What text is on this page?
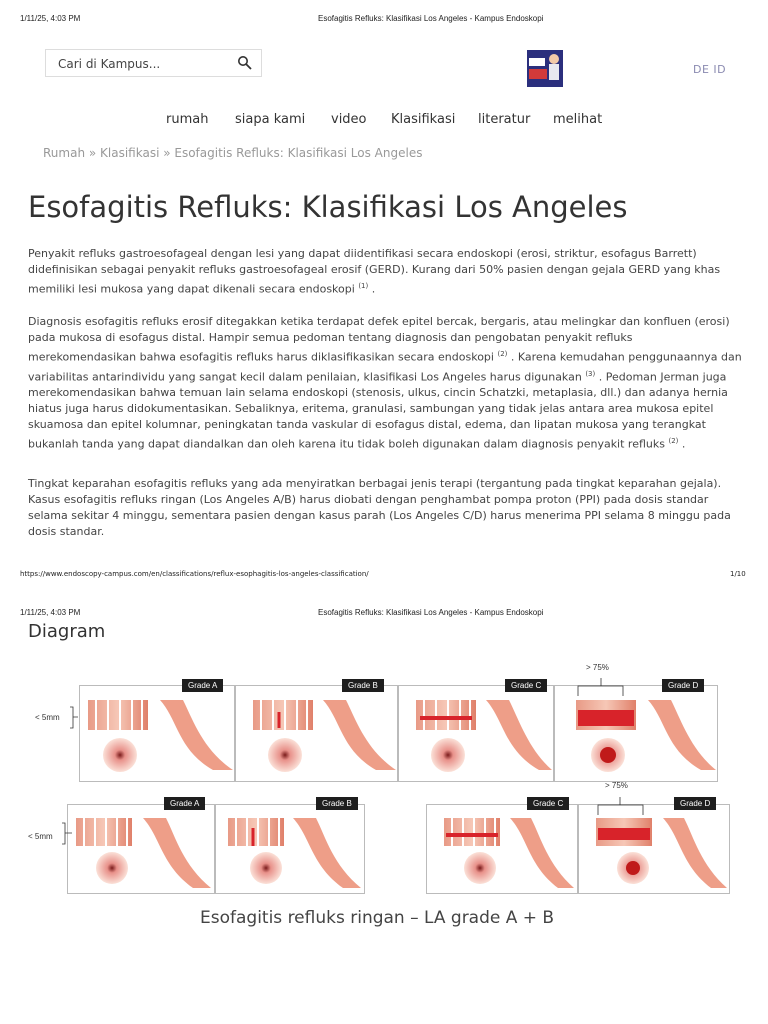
1/11/25, 4:03 PM	Esofagitis Refluks: Klasifikasi Los Angeles - Kampus Endoskopi
Cari di Kampus...	DE ID
rumah siapa kami video Klasifikasi literatur melihat
Rumah » Klasifikasi » Esofagitis Refluks: Klasifikasi Los Angeles
Esofagitis Refluks: Klasifikasi Los Angeles
Penyakit refluks gastroesofageal dengan lesi yang dapat diidentifikasi secara endoskopi (erosi, striktur, esofagus Barrett) didefinisikan sebagai penyakit refluks gastroesofageal erosif (GERD). Kurang dari 50% pasien dengan gejala GERD yang khas memiliki lesi mukosa yang dapat dikenali secara endoskopi $^{(1)}$ .
Diagnosis esofagitis refluks erosif ditegakkan ketika terdapat defek epitel bercak, bergaris, atau melingkar dan konfluen (erosi) pada mukosa di esofagus distal. Hampir semua pedoman tentang diagnosis dan pengobatan penyakit refluks merekomendasikan bahwa esofagitis refluks harus diklasifikasikan secara endoskopi $^{(2)}$ . Karena kemudahan penggunaannya dan variabilitas antarindividu yang sangat kecil dalam penilaian, klasifikasi Los Angeles harus digunakan $^{(3)}$ . Pedoman Jerman juga merekomendasikan bahwa temuan lain selama endoskopi (stenosis, ulkus, cincin Schatzki, metaplasia, dll.) dan adanya hernia hiatus juga harus didokumentasikan. Sebaliknya, eritema, granulasi, sambungan yang tidak jelas antara area mukosa epitel skuamosa dan epitel kolumnar, peningkatan tanda vaskular di esofagus distal, edema, dan lipatan mukosa yang terangkat bukanlah tanda yang dapat diandalkan dan oleh karena itu tidak boleh digunakan dalam diagnosis penyakit refluks $^{(2)}$ .
Tingkat keparahan esofagitis refluks yang ada menyiratkan berbagai jenis terapi (tergantung pada tingkat keparahan gejala). Kasus esofagitis refluks ringan (Los Angeles A/B) harus diobati dengan penghambat pompa proton (PPI) pada dosis standar selama sekitar 4 minggu, sementara pasien dengan kasus parah (Los Angeles C/D) harus menerima PPI selama 8 minggu pada dosis standar.
https://www.endoscopy-campus.com/en/classifications/reflux-esophagitis-los-angeles-classification/	1/10
1/11/25, 4:03 PM	Esofagitis Refluks: Klasifikasi Los Angeles - Kampus Endoskopi
Diagram
Grade A	Grade B	Grade C	Grade D
< 5mm
> 75%
Grade A	Grade B	Grade C	Grade D
< 5mm
> 75%
Esofagitis refluks ringan – LA grade A + B
